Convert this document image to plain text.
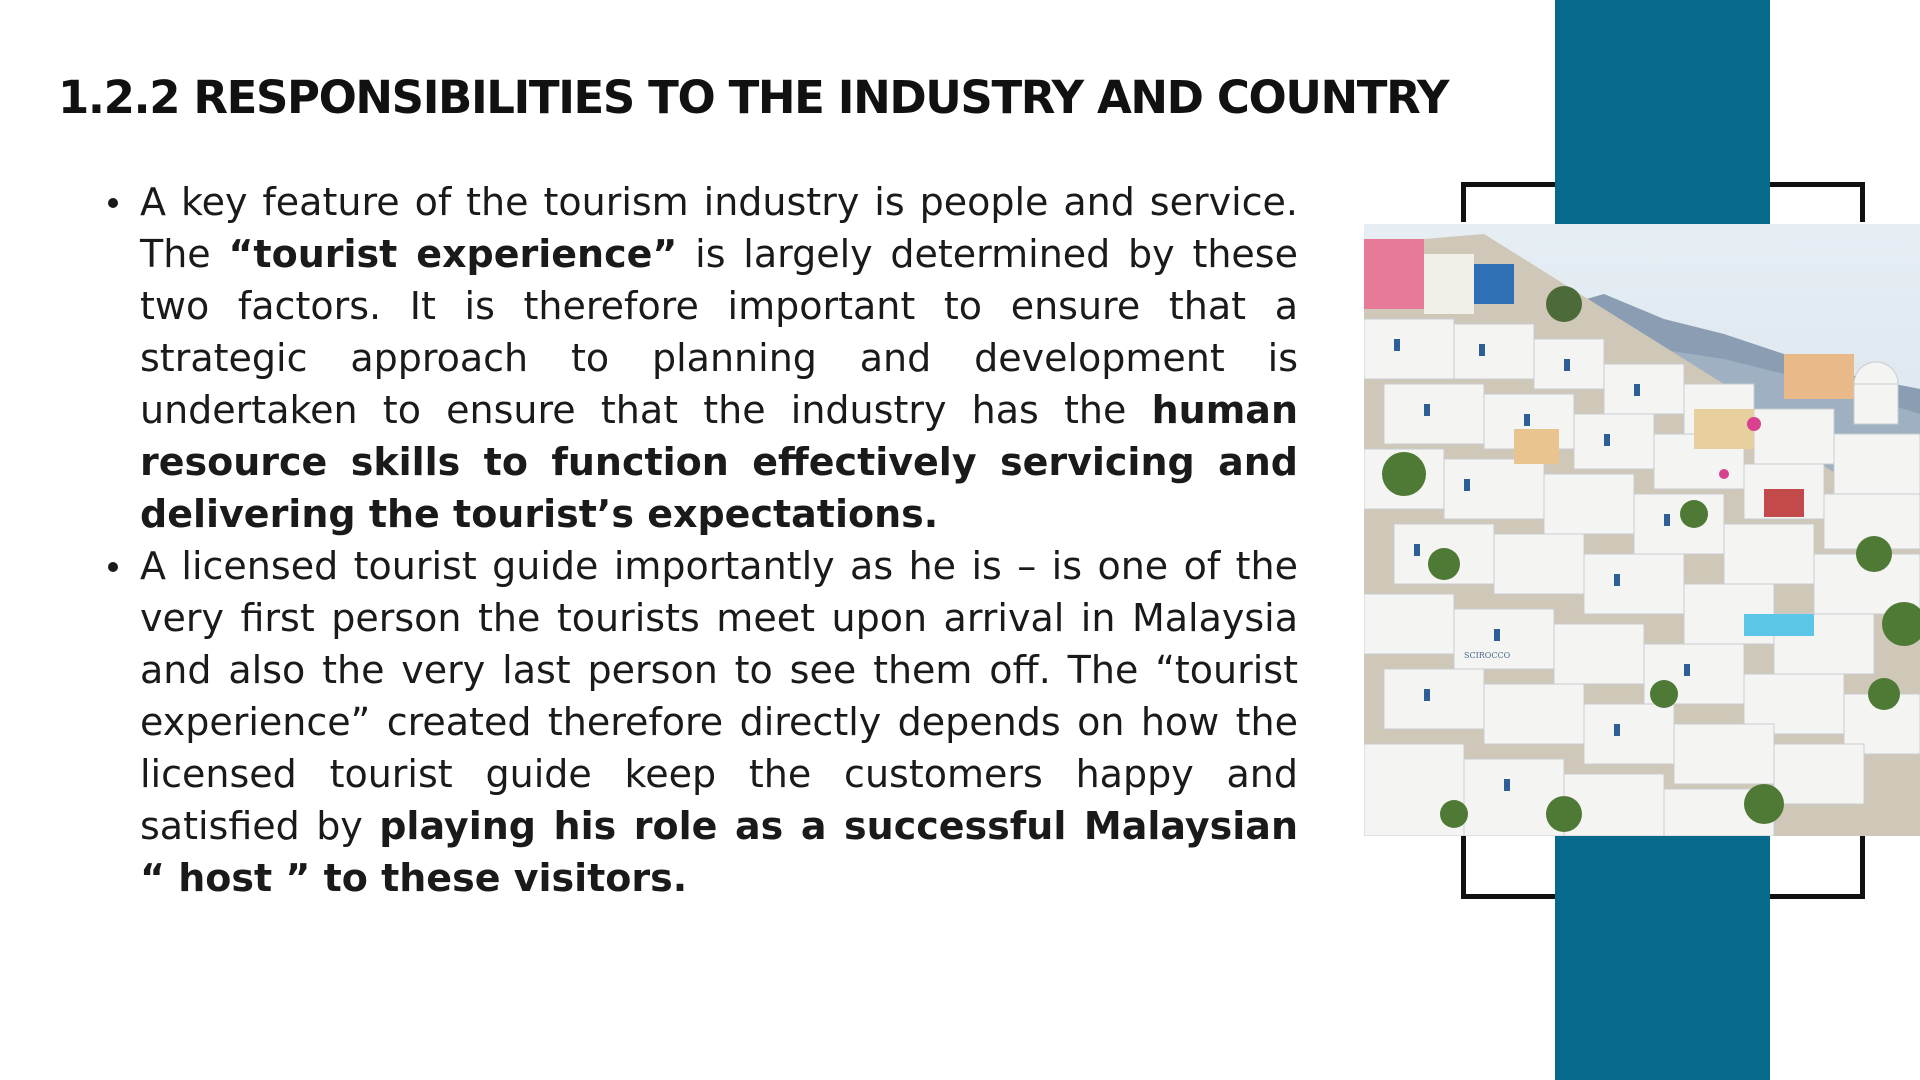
1.2.2 RESPONSIBILITIES TO THE INDUSTRY AND COUNTRY
A key feature of the tourism industry is people and service. The “tourist experience” is largely determined by these two factors. It is therefore important to ensure that a strategic approach to planning and development is undertaken to ensure that the industry has the human resource skills to function effectively servicing and delivering the tourist’s expectations.
A licensed tourist guide importantly as he is – is one of the very first person the tourists meet upon arrival in Malaysia and also the very last person to see them off. The “tourist experience” created therefore directly depends on how the licensed tourist guide keep the customers happy and satisfied by playing his role as a successful Malaysian “ host ” to these visitors.
SCIROCCO
